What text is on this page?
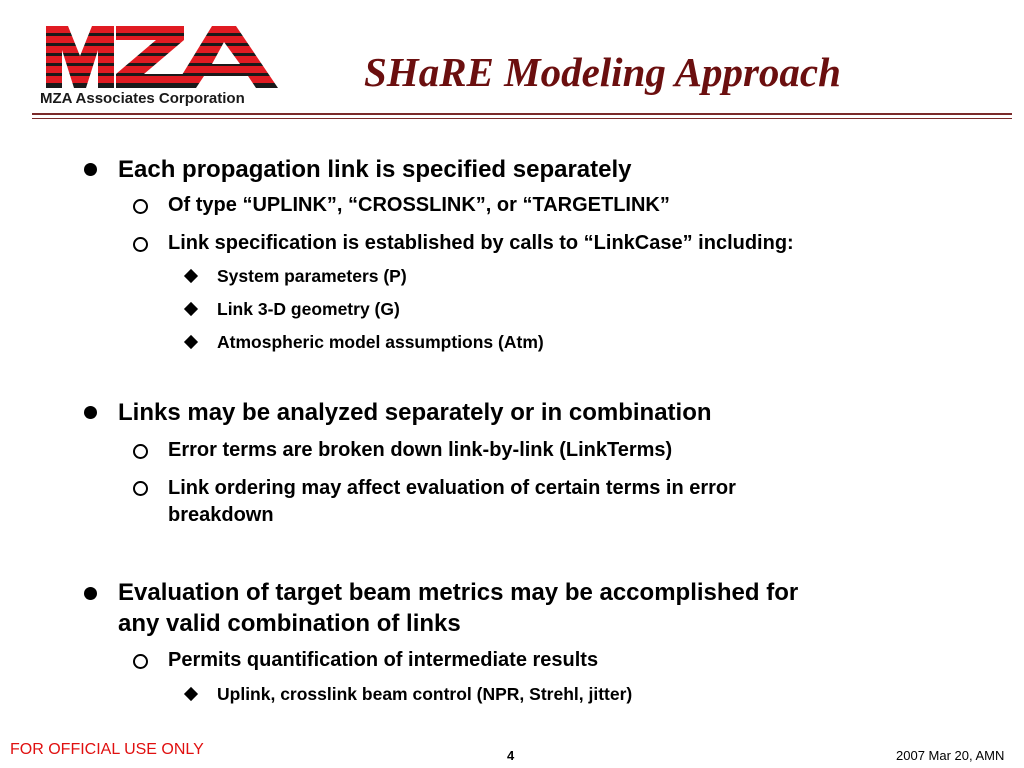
MZA Associates Corporation
SHaRE Modeling Approach
Each propagation link is specified separately
Of type “UPLINK”, “CROSSLINK”, or “TARGETLINK”
Link specification is established by calls to “LinkCase” including:
System parameters (P)
Link 3-D geometry (G)
Atmospheric model assumptions (Atm)
Links may be analyzed separately or in combination
Error terms are broken down link-by-link (LinkTerms)
Link ordering may affect evaluation of certain terms in error
breakdown
Evaluation of target beam metrics may be accomplished for
any valid combination of links
Permits quantification of intermediate results
Uplink, crosslink beam control (NPR, Strehl, jitter)
FOR OFFICIAL USE ONLY	4	2007 Mar 20, AMN
